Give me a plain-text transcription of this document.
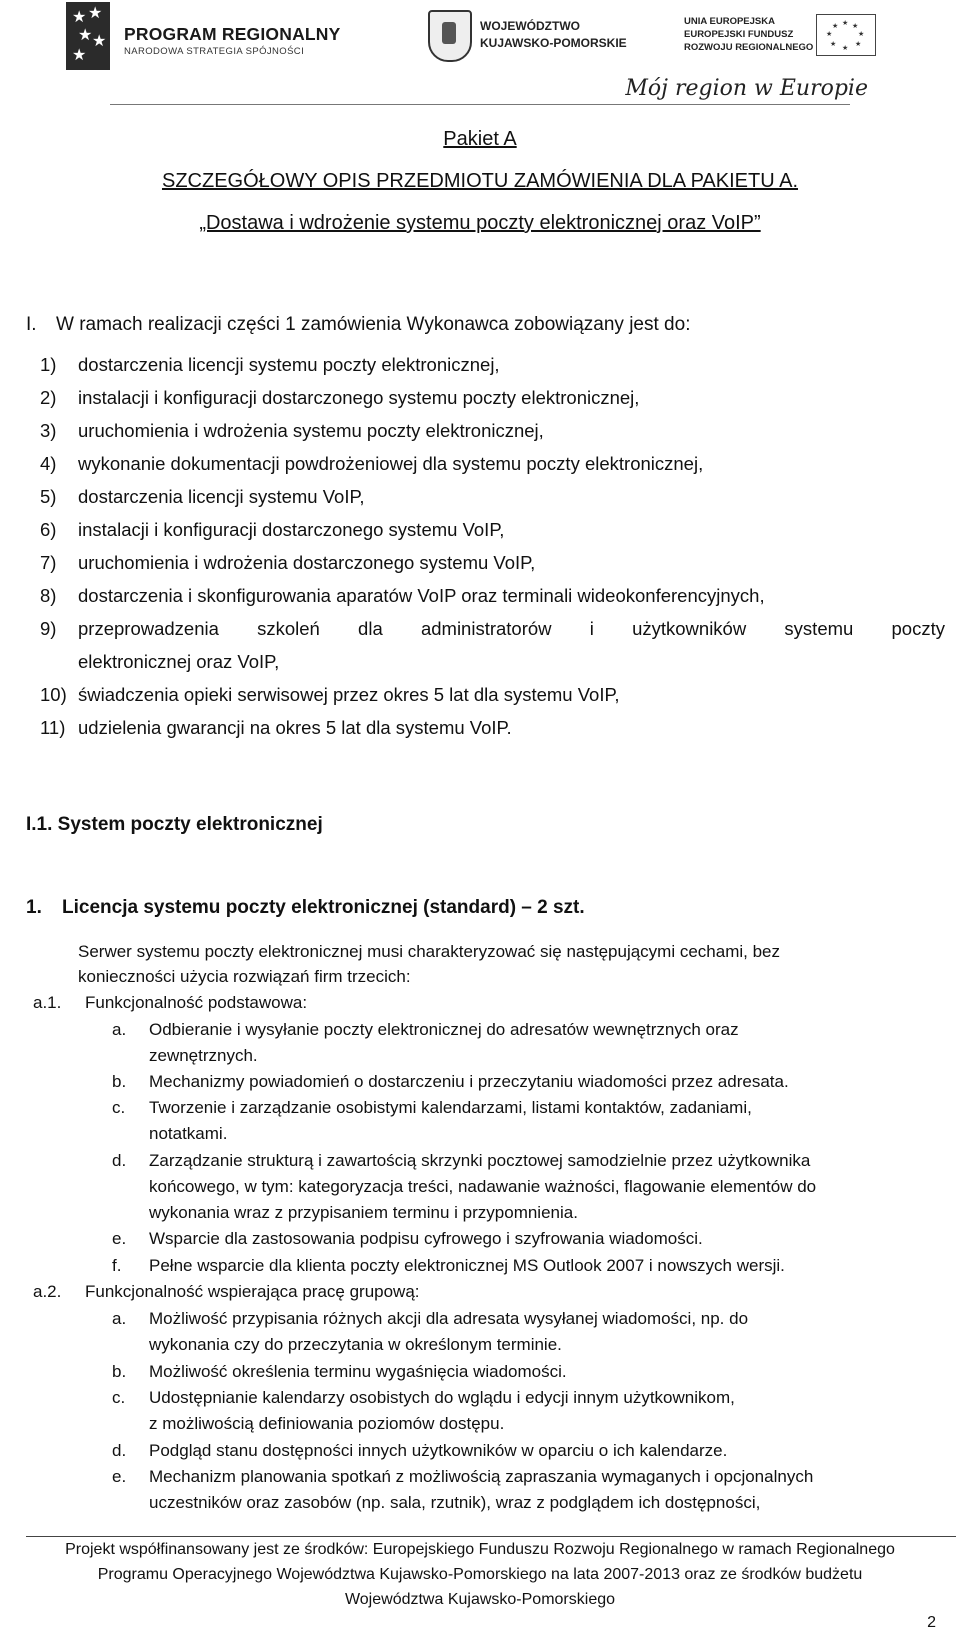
★ ★
★ ★
★
PROGRAM REGIONALNY
NARODOWA STRATEGIA SPÓJNOŚCI
WOJEWÓDZTWO
KUJAWSKO-POMORSKIE
UNIA EUROPEJSKA
EUROPEJSKI FUNDUSZ
ROZWOJU REGIONALNEGO
★ ★
★
★
★
★
★
★
Mój region w Europie
Pakiet A
SZCZEGÓŁOWY OPIS PRZEDMIOTU ZAMÓWIENIA DLA PAKIETU A.
„Dostawa i wdrożenie systemu poczty elektronicznej oraz VoIP”
I. W ramach realizacji części 1 zamówienia Wykonawca zobowiązany jest do:
1) dostarczenia licencji systemu poczty elektronicznej,
2) instalacji i konfiguracji dostarczonego systemu poczty elektronicznej,
3) uruchomienia i wdrożenia systemu poczty elektronicznej,
4) wykonanie dokumentacji powdrożeniowej dla systemu poczty elektronicznej,
5) dostarczenia licencji systemu VoIP,
6) instalacji i konfiguracji dostarczonego systemu VoIP,
7) uruchomienia i wdrożenia dostarczonego systemu VoIP,
8) dostarczenia i skonfigurowania aparatów VoIP oraz terminali wideokonferencyjnych,
9) przeprowadzenia szkoleń dla administratorów i użytkowników systemu poczty
elektronicznej oraz VoIP,
10) świadczenia opieki serwisowej przez okres 5 lat dla systemu VoIP,
11) udzielenia gwarancji na okres 5 lat dla systemu VoIP.
I.1. System poczty elektronicznej
1. Licencja systemu poczty elektronicznej (standard) – 2 szt.
Serwer systemu poczty elektronicznej musi charakteryzować się następującymi cechami, bez
konieczności użycia rozwiązań firm trzecich:
a.1. Funkcjonalność podstawowa:
a. Odbieranie i wysyłanie poczty elektronicznej do adresatów wewnętrznych oraz
zewnętrznych.
b. Mechanizmy powiadomień o dostarczeniu i przeczytaniu wiadomości przez adresata.
c. Tworzenie i zarządzanie osobistymi kalendarzami, listami kontaktów, zadaniami,
notatkami.
d. Zarządzanie strukturą i zawartością skrzynki pocztowej samodzielnie przez użytkownika
końcowego, w tym: kategoryzacja treści, nadawanie ważności, flagowanie elementów do
wykonania wraz z przypisaniem terminu i przypomnienia.
e. Wsparcie dla zastosowania podpisu cyfrowego i szyfrowania wiadomości.
f. Pełne wsparcie dla klienta poczty elektronicznej MS Outlook 2007 i nowszych wersji.
a.2. Funkcjonalność wspierająca pracę grupową:
a. Możliwość przypisania różnych akcji dla adresata wysyłanej wiadomości, np. do
wykonania czy do przeczytania w określonym terminie.
b. Możliwość określenia terminu wygaśnięcia wiadomości.
c. Udostępnianie kalendarzy osobistych do wglądu i edycji innym użytkownikom,
z możliwością definiowania poziomów dostępu.
d. Podgląd stanu dostępności innych użytkowników w oparciu o ich kalendarze.
e. Mechanizm planowania spotkań z możliwością zapraszania wymaganych i opcjonalnych
uczestników oraz zasobów (np. sala, rzutnik), wraz z podglądem ich dostępności,
Projekt współfinansowany jest ze środków: Europejskiego Funduszu Rozwoju Regionalnego w ramach Regionalnego
Programu Operacyjnego Województwa Kujawsko-Pomorskiego na lata 2007-2013 oraz ze środków budżetu
Województwa Kujawsko-Pomorskiego
2
